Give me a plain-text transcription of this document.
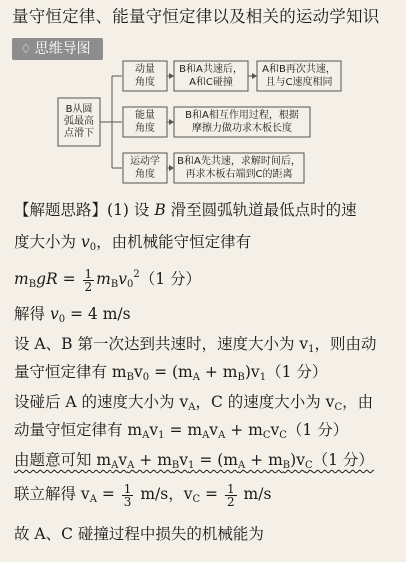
量守恒定律、能量守恒定律以及相关的运动学知识
♢ 思维导图
B从圆
弧最高
点滑下
动量
角度
能量
角度
运动学
角度
B和A共速后，
A和C碰撞
A和B再次共速，
且与C速度相同
B和A相互作用过程，根据
摩擦力做功求木板长度
B和A先共速，求解时间后，
再求木板右端到C的距离
【解题思路】(1) 设 B 滑至圆弧轨道最低点时的速
度大小为 $v_0$，由机械能守恒定律有
$m_BgR = \frac{1}{2} m_Bv_0^2(1$ 分）
解得 $v_0 = 4$ m/s
设 A、B 第一次达到共速时，速度大小为 $v_1$，则由动
量守恒定律有 $m_Bv_0 = (m_A + m_B)v_1(1$ 分）
设碰后 A 的速度大小为 $v_A$，C 的速度大小为 $v_C$，由
动量守恒定律有 $m_Av_1 = m_Av_A + m_Cv_C(1$ 分）
由题意可知 $m_Av_A + m_Bv_1 = (m_A + m_B)v_C(1$ 分）
联立解得 $v_A = \frac{1}{3} m/s$，$v_C = \frac{1}{2} m/s$
故 A、C 碰撞过程中损失的机械能为
